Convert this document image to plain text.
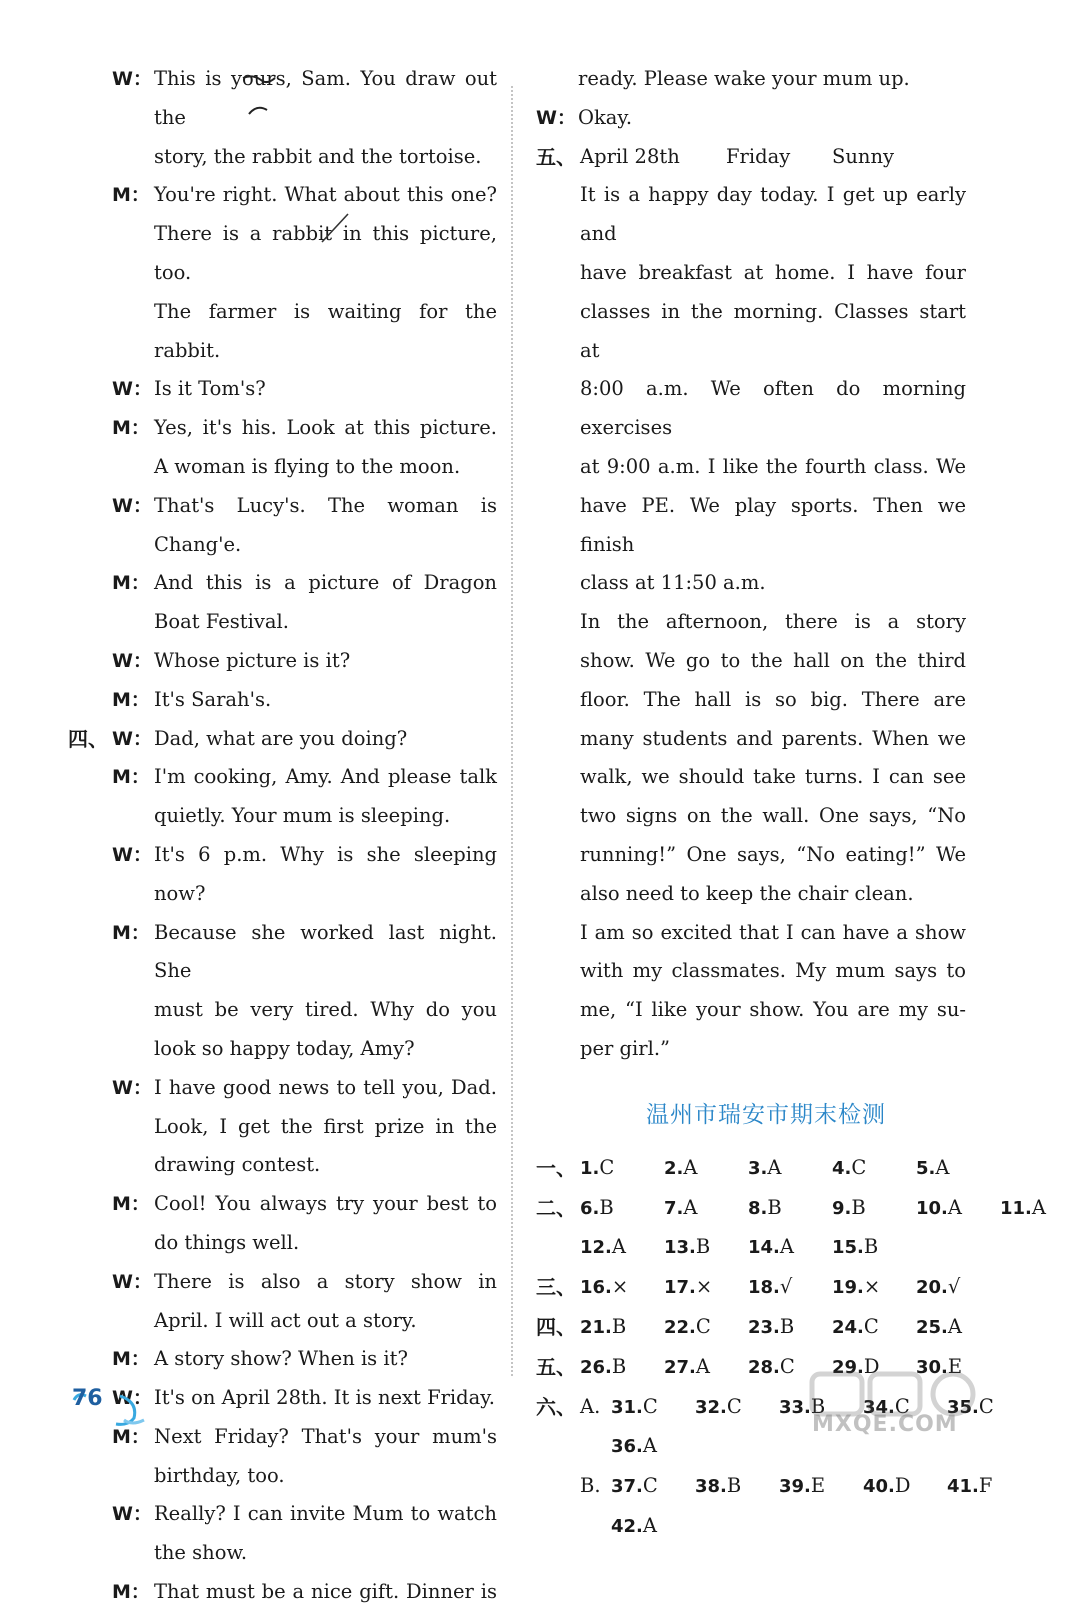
W： This is yours, Sam. You draw out the
story, the rabbit and the tortoise.
M： You're right. What about this one?
There is a rabbit in this picture, too.
The farmer is waiting for the rabbit.
W： Is it Tom's?
M： Yes, it's his. Look at this picture.
A woman is flying to the moon.
W： That's Lucy's. The woman is Chang'e.
M： And this is a picture of Dragon
Boat Festival.
W： Whose picture is it?
M： It's Sarah's.
四、 W： Dad, what are you doing?
M： I'm cooking, Amy. And please talk
quietly. Your mum is sleeping.
W： It's 6 p.m. Why is she sleeping now?
M： Because she worked last night. She
must be very tired. Why do you
look so happy today, Amy?
W： I have good news to tell you, Dad.
Look, I get the first prize in the
drawing contest.
M： Cool! You always try your best to
do things well.
W： There is also a story show in
April. I will act out a story.
M： A story show? When is it?
W： It's on April 28th. It is next Friday.
M： Next Friday? That's your mum's
birthday, too.
W： Really? I can invite Mum to watch
the show.
M： That must be a nice gift. Dinner is
ready. Please wake your mum up.
W： Okay.
五、 April 28th Friday Sunny
It is a happy day today. I get up early and
have breakfast at home. I have four
classes in the morning. Classes start at
8:00 a.m. We often do morning exercises
at 9:00 a.m. I like the fourth class. We
have PE. We play sports. Then we finish
class at 11:50 a.m.
In the afternoon, there is a story
show. We go to the hall on the third
floor. The hall is so big. There are
many students and parents. When we
walk, we should take turns. I can see
two signs on the wall. One says, “No
running!” One says, “No eating!” We
also need to keep the chair clean.
I am so excited that I can have a show
with my classmates. My mum says to
me, “I like your show. You are my su-
per girl.”
温州市瑞安市期末检测
一、 1.C	2.A	3.A	4.C	5.A
二、 6.B	7.A	8.B	9.B	10.A 11.A
12.A 13.B 14.A 15.B
三、 16.× 17.× 18.√ 19.× 20.√
四、 21.B 22.C 23.B 24.C 25.A
五、 26.B 27.A 28.C 29.D 30.E
六、 A. 31.C 32.C 33.B 34.C 35.C
36.A
B. 37.C 38.B 39.E 40.D 41.F
42.A
76
MXQE.COM
